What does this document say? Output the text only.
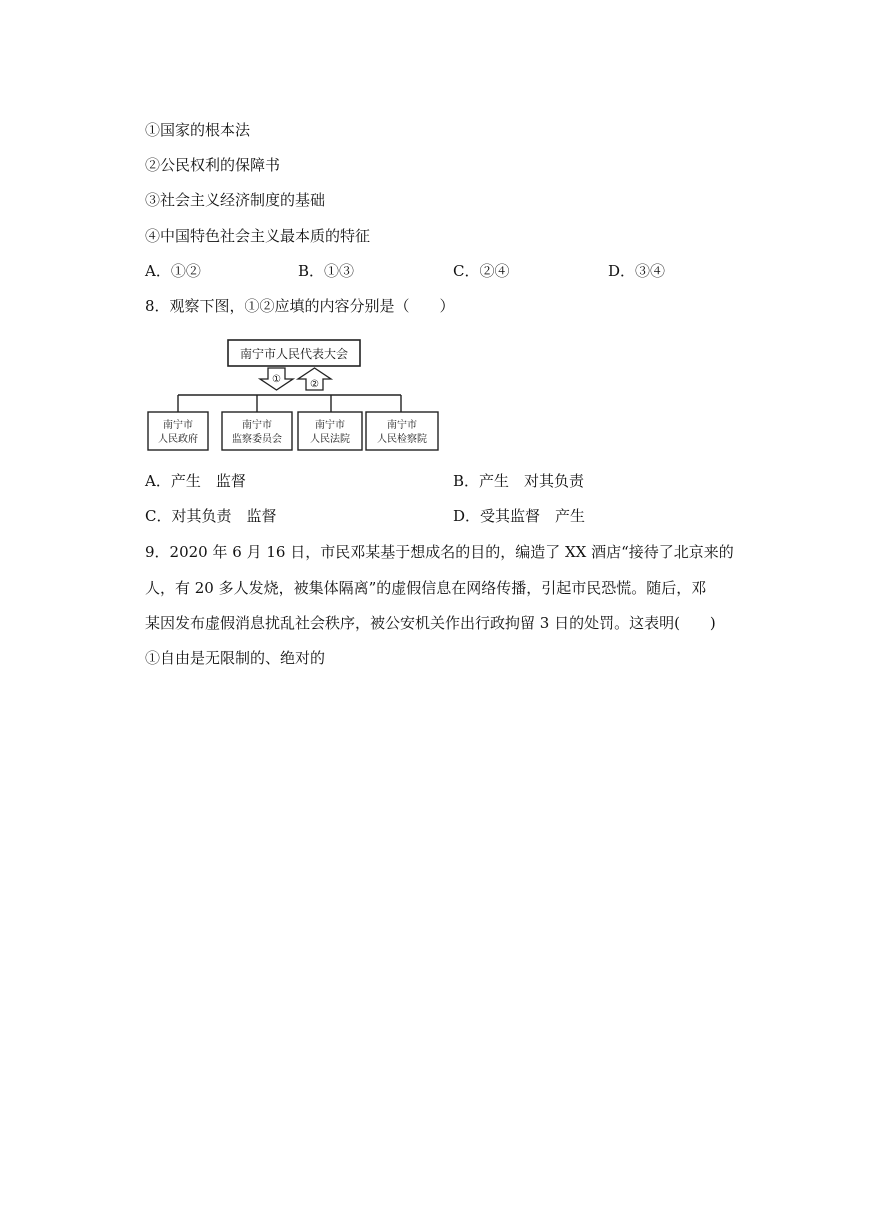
①国家的根本法
②公民权利的保障书
③社会主义经济制度的基础
④中国特色社会主义最本质的特征
A．①②	B．①③	C．②④	D．③④
8．观察下图，①②应填的内容分别是（　　）
南宁市人民代表大会
①	②
南宁市
人民政府
南宁市
监察委员会
南宁市
人民法院
南宁市
人民检察院
A．产生　监督	B．产生　对其负责
C．对其负责　监督	D．受其监督　产生
9．2020 年 6 月 16 日，市民邓某基于想成名的目的，编造了 XX 酒店“接待了北京来的
人，有 20 多人发烧，被集体隔离”的虚假信息在网络传播，引起市民恐慌。随后，邓
某因发布虚假消息扰乱社会秩序，被公安机关作出行政拘留 3 日的处罚。这表明(　　)
①自由是无限制的、绝对的
